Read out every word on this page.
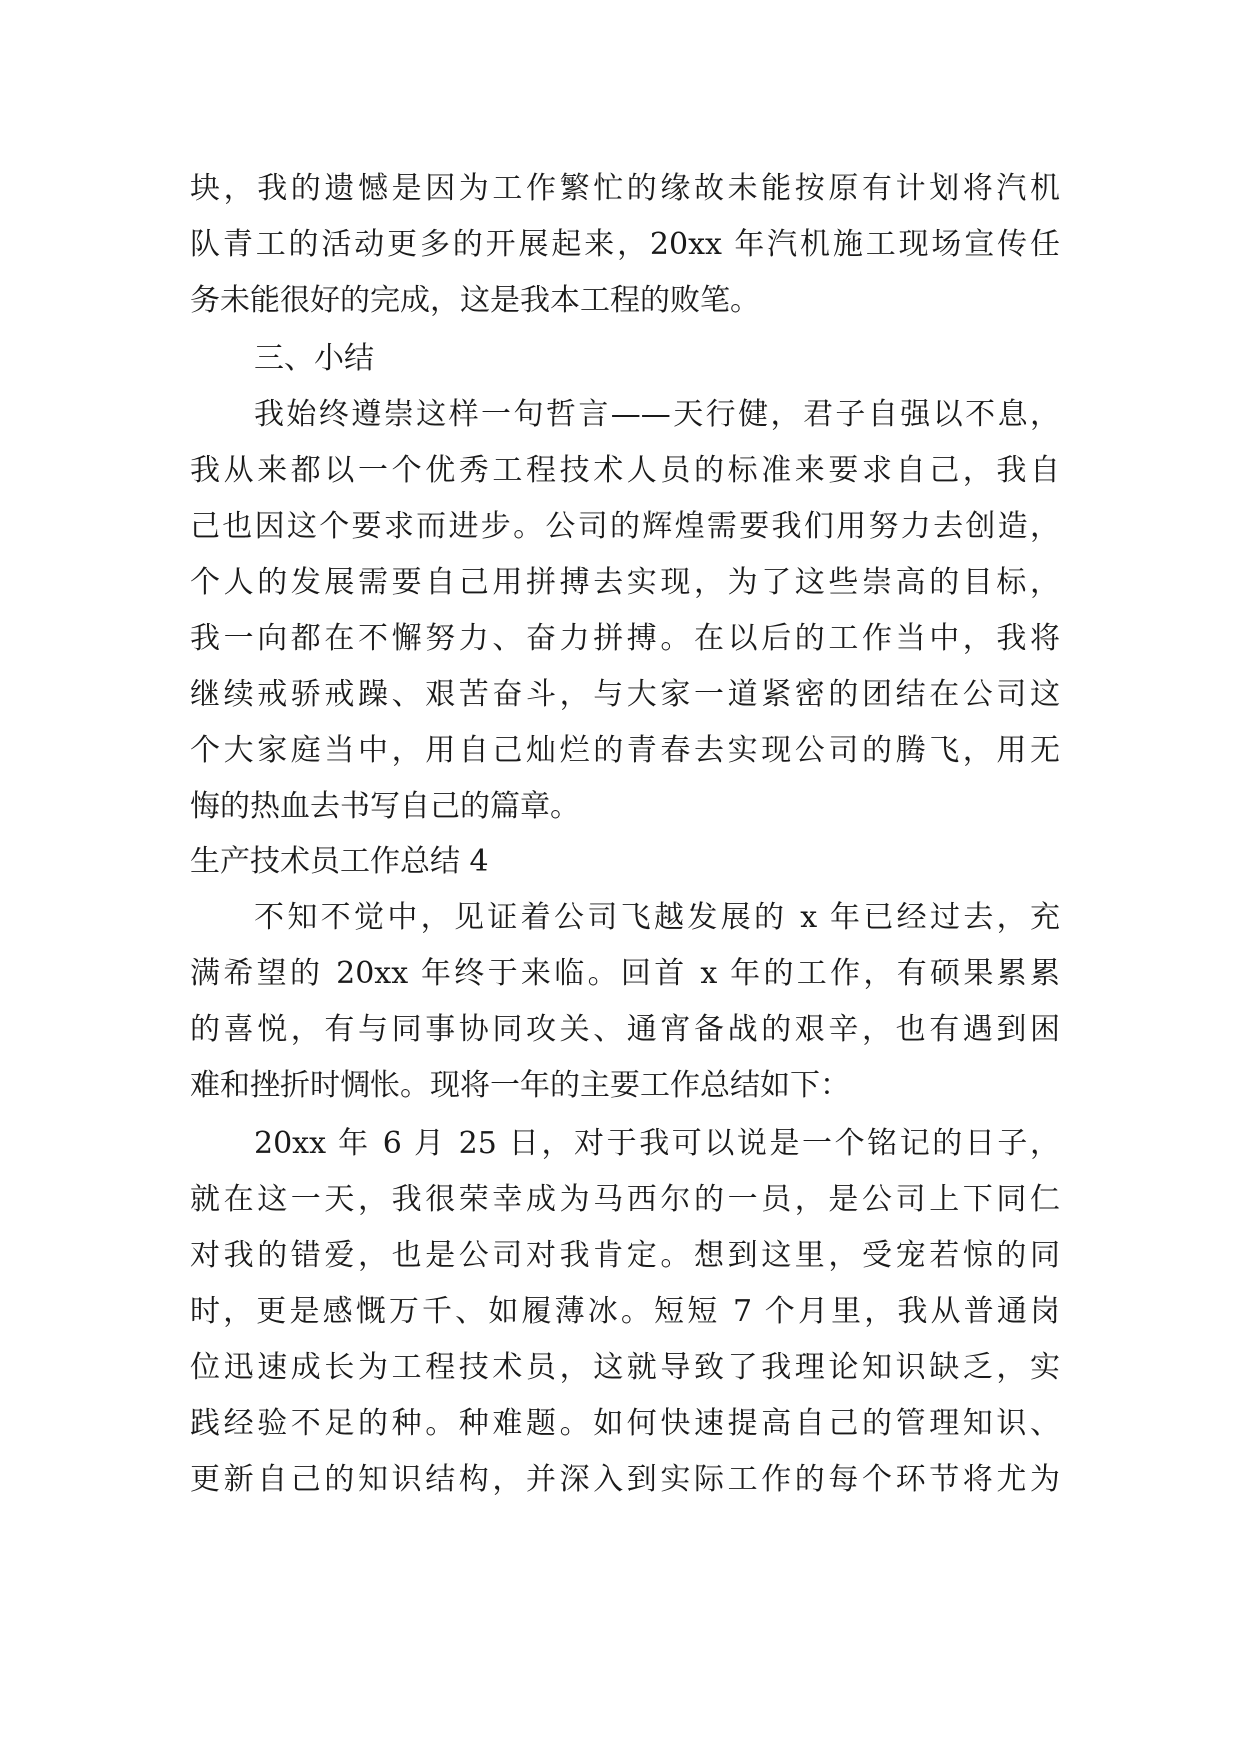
块，我的遗憾是因为工作繁忙的缘故未能按原有计划将汽机
队青工的活动更多的开展起来，20xx 年汽机施工现场宣传任
务未能很好的完成，这是我本工程的败笔。
三、小结
我始终遵崇这样一句哲言——天行健，君子自强以不息，
我从来都以一个优秀工程技术人员的标准来要求自己，我自
己也因这个要求而进步。公司的辉煌需要我们用努力去创造，
个人的发展需要自己用拼搏去实现，为了这些崇高的目标，
我一向都在不懈努力、奋力拼搏。在以后的工作当中，我将
继续戒骄戒躁、艰苦奋斗，与大家一道紧密的团结在公司这
个大家庭当中，用自己灿烂的青春去实现公司的腾飞，用无
悔的热血去书写自己的篇章。
生产技术员工作总结 4
不知不觉中，见证着公司飞越发展的 x 年已经过去，充
满希望的 20xx 年终于来临。回首 x 年的工作，有硕果累累
的喜悦，有与同事协同攻关、通宵备战的艰辛，也有遇到困
难和挫折时惆怅。现将一年的主要工作总结如下：
20xx 年 6 月 25 日，对于我可以说是一个铭记的日子，
就在这一天，我很荣幸成为马西尔的一员，是公司上下同仁
对我的错爱，也是公司对我肯定。想到这里，受宠若惊的同
时，更是感慨万千、如履薄冰。短短 7 个月里，我从普通岗
位迅速成长为工程技术员，这就导致了我理论知识缺乏，实
践经验不足的种。种难题。如何快速提高自己的管理知识、
更新自己的知识结构，并深入到实际工作的每个环节将尤为
